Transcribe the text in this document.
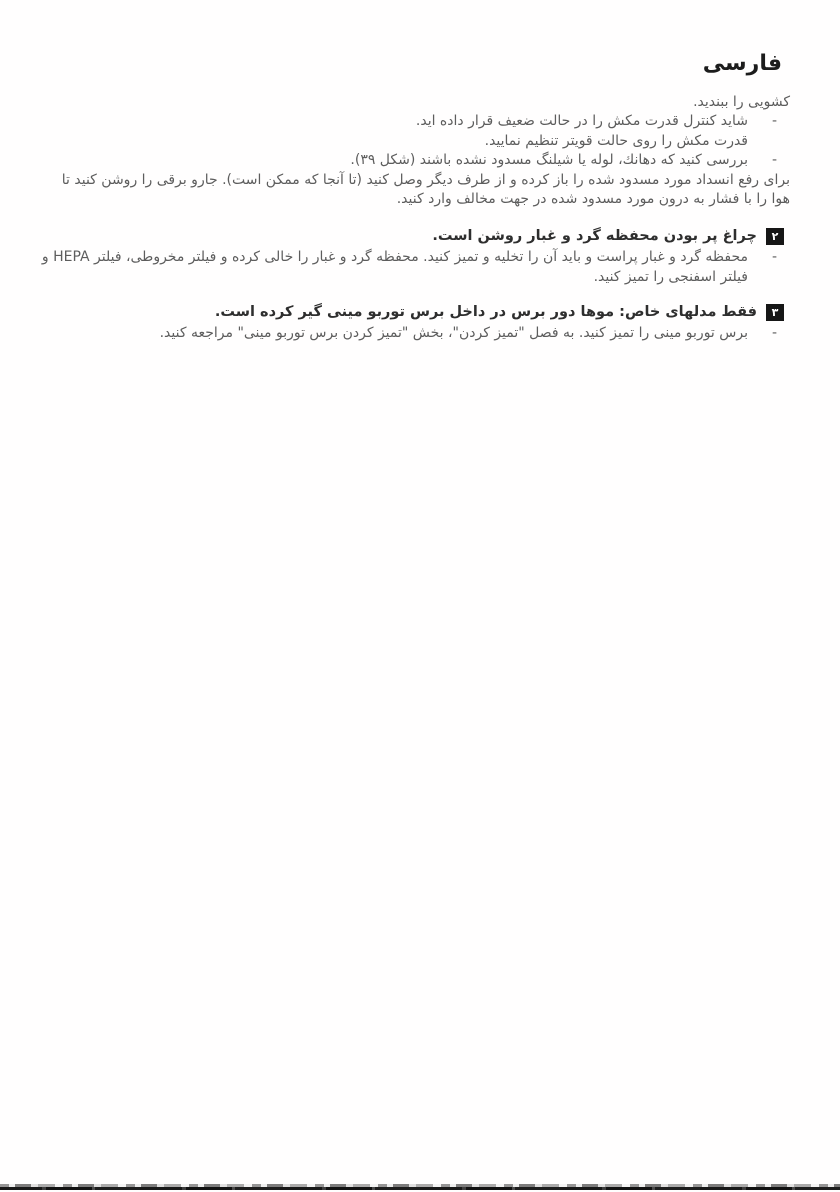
فارسی
كشویی را ببندید.
-
شاید کنترل قدرت مکش را در حالت ضعیف قرار داده اید.
قدرت مکش را روی حالت قویتر تنظیم نمایید.
-
بررسی کنید که دهانك، لوله یا شیلنگ مسدود نشده باشند (شکل ۳۹).
برای رفع انسداد مورد مسدود شده را باز کرده و از طرف دیگر وصل کنید (تا آنجا که ممکن است). جارو برقی را روشن کنید تا
هوا را با فشار به درون مورد مسدود شده در جهت مخالف وارد کنید.
۲
چراغ پر بودن محفظه گرد و غبار روشن است.
-
محفظه گرد و غبار پراست و باید آن را تخلیه و تمیز کنید. محفظه گرد و غبار را خالی کرده و فیلتر مخروطی، فیلتر HEPA و
فیلتر اسفنجی را تمیز کنید.
۳
فقط مدلهای خاص: موها دور برس در داخل برس توربو مینی گیر کرده است.
-
برس توربو مینی را تمیز کنید. به فصل "تمیز کردن"، بخش "تمیز کردن برس توربو مینی" مراجعه کنید.
